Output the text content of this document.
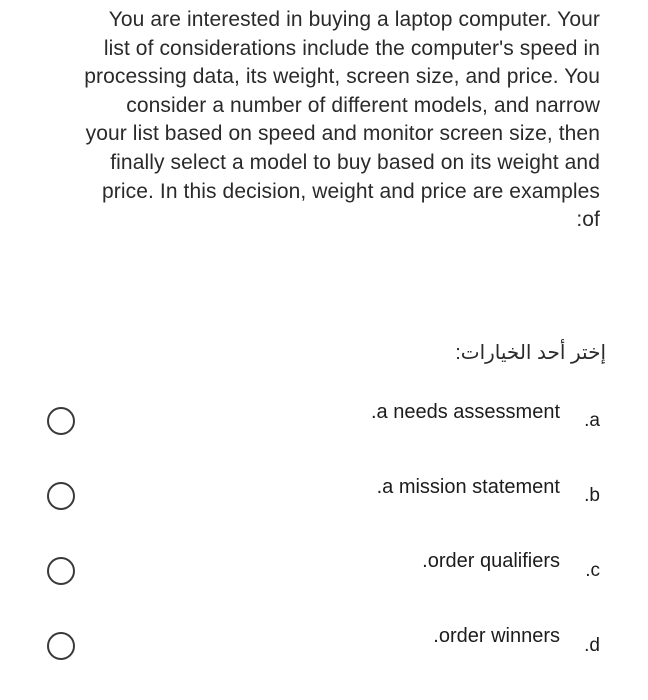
You are interested in buying a laptop computer. Your
list of considerations include the computer's speed in
processing data, its weight, screen size, and price. You
consider a number of different models, and narrow
your list based on speed and monitor screen size, then
finally select a model to buy based on its weight and
price. In this decision, weight and price are examples
:of
إختر أحد الخيارات:
.a needs assessment .a
.a mission statement .b
.order qualifiers .c
.order winners .d
